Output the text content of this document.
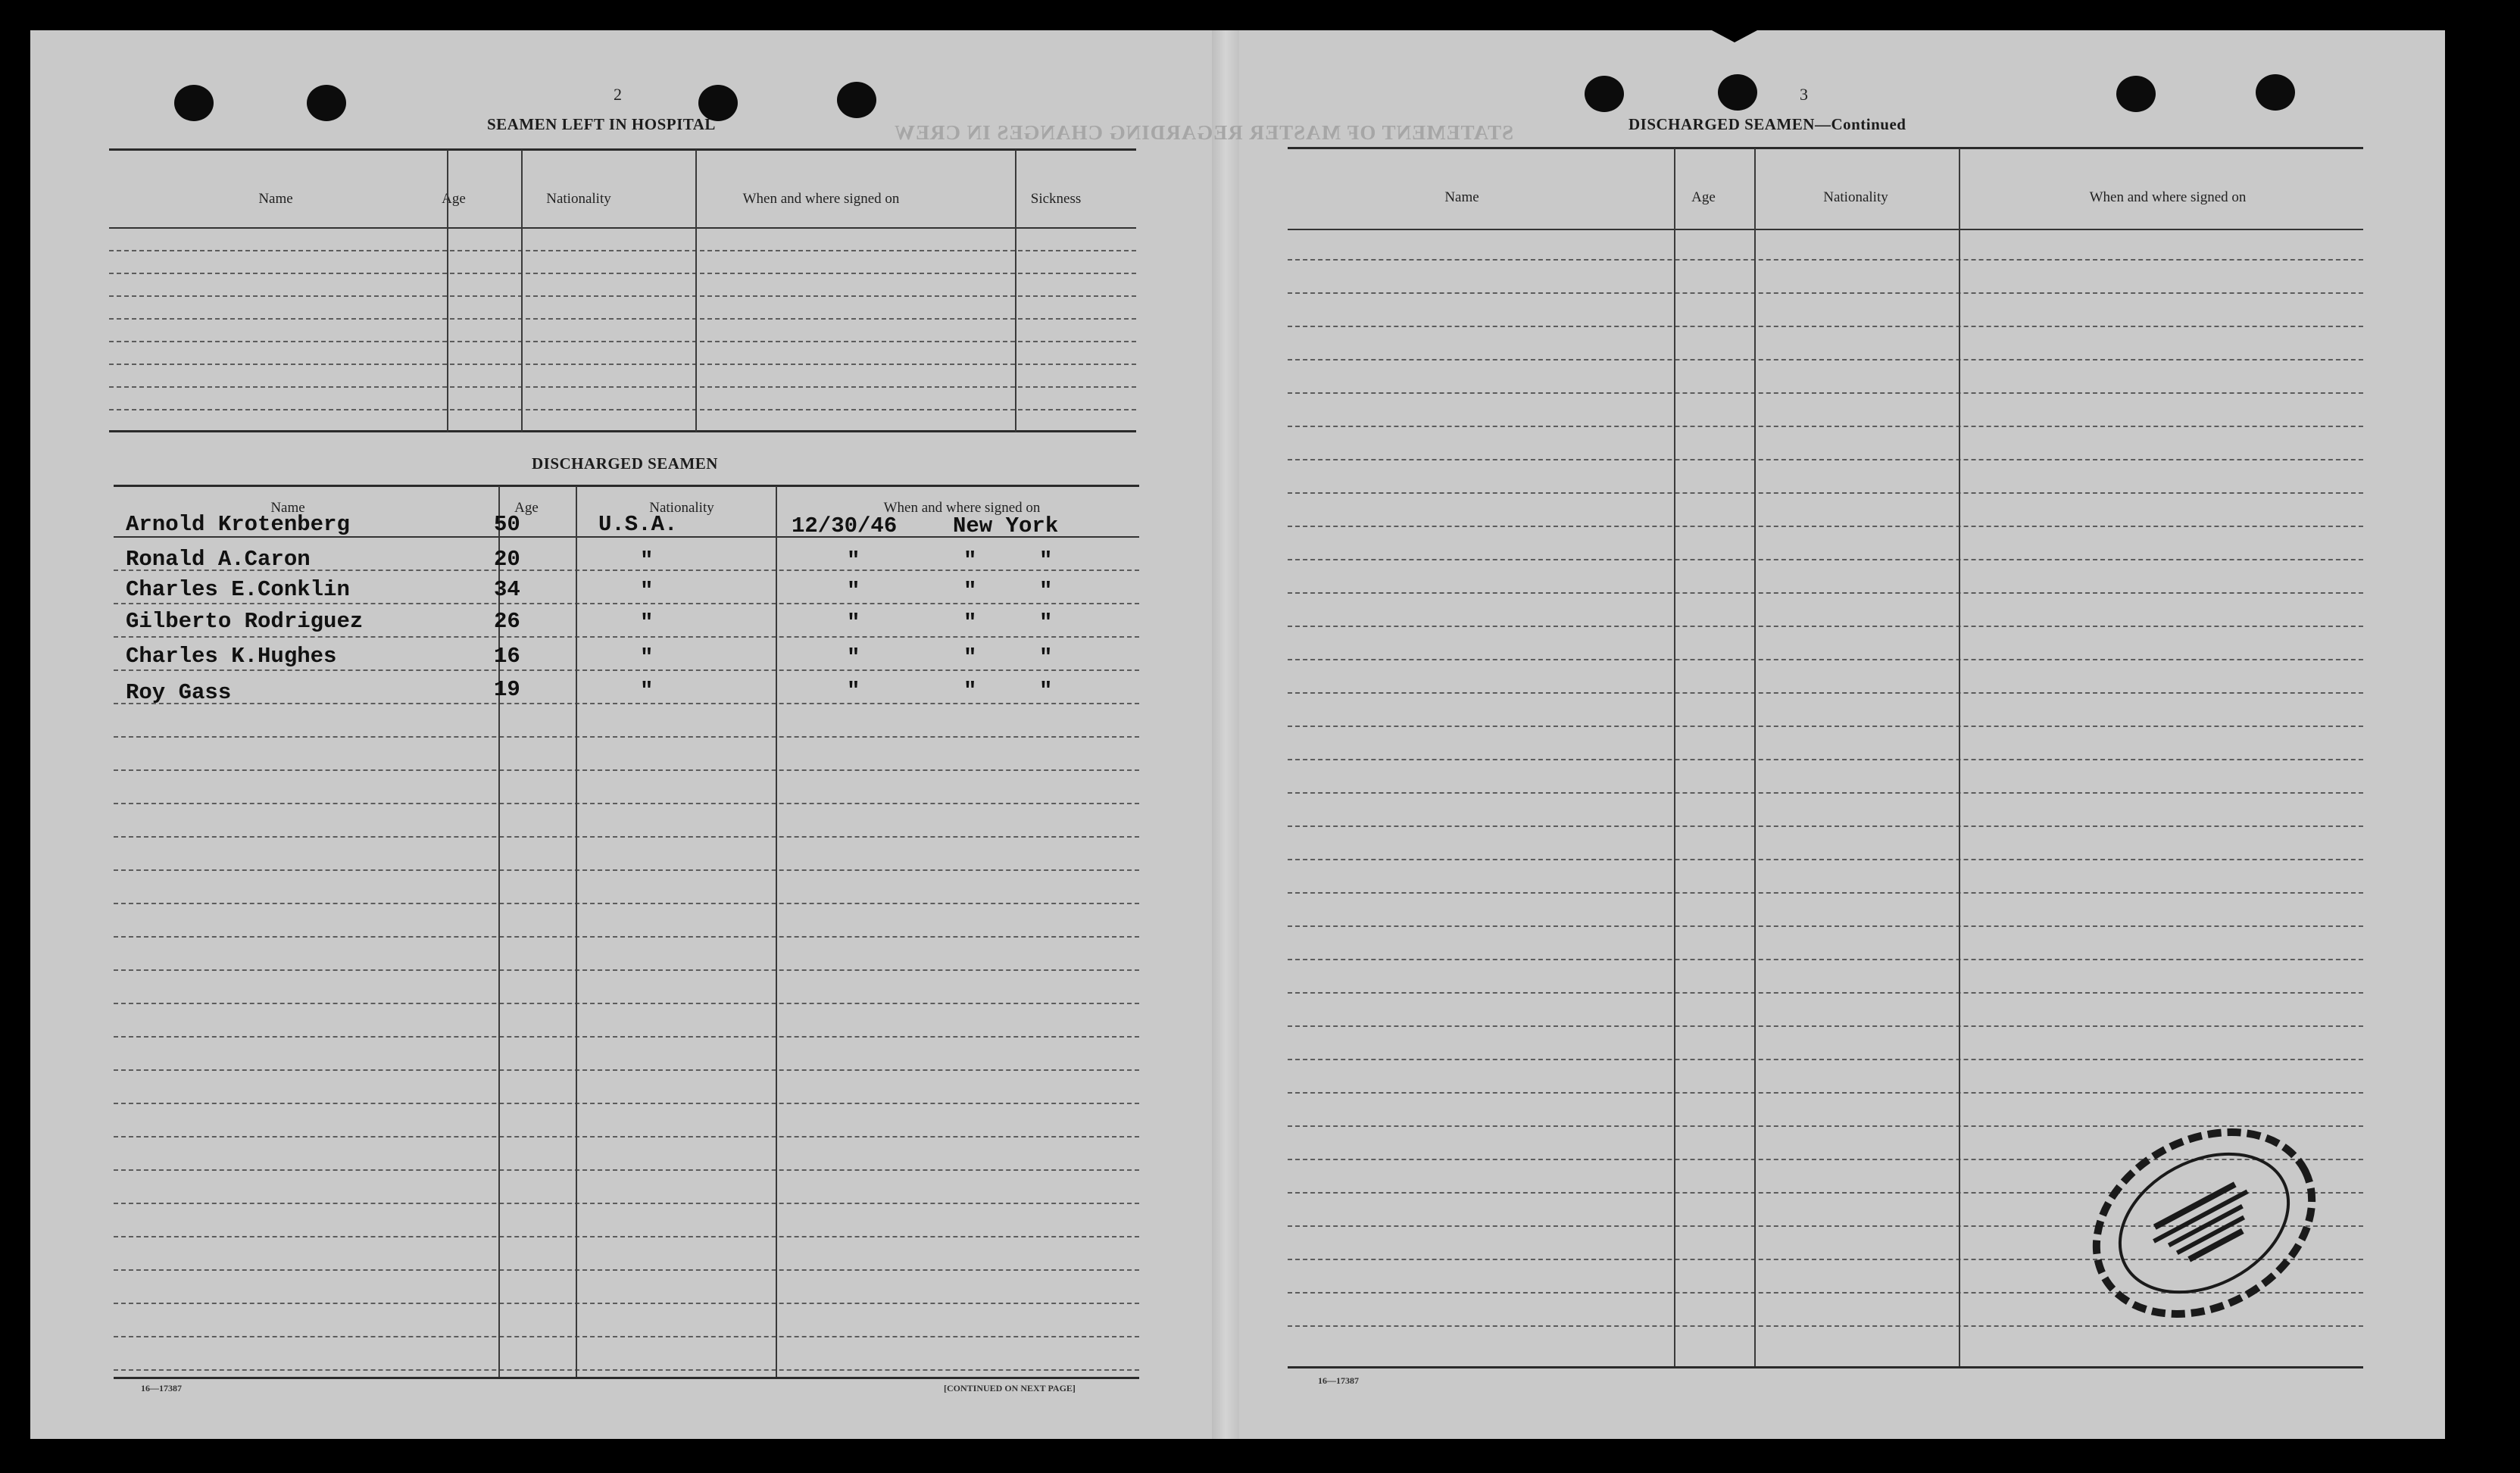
2
STATEMENT OF MASTER REGARDING CHANGES IN CREW
SEAMEN LEFT IN HOSPITAL
Name	Age	Nationality	When and where signed on	Sickness
DISCHARGED SEAMEN
Name	Age	Nationality	When and where signed on
Arnold Krotenberg	50	U.S.A.	12/30/46	New York
Ronald A.Caron	20	"	"	"	"
Charles E.Conklin	34	"	"	"	"
Gilberto Rodriguez	26	"	"	"	"
Charles K.Hughes	16	"	"	"	"
Roy Gass	19	"	"	"	"
16—17387	[CONTINUED ON NEXT PAGE]
3
DISCHARGED SEAMEN—Continued
Name	Age	Nationality	When and where signed on
16—17387
